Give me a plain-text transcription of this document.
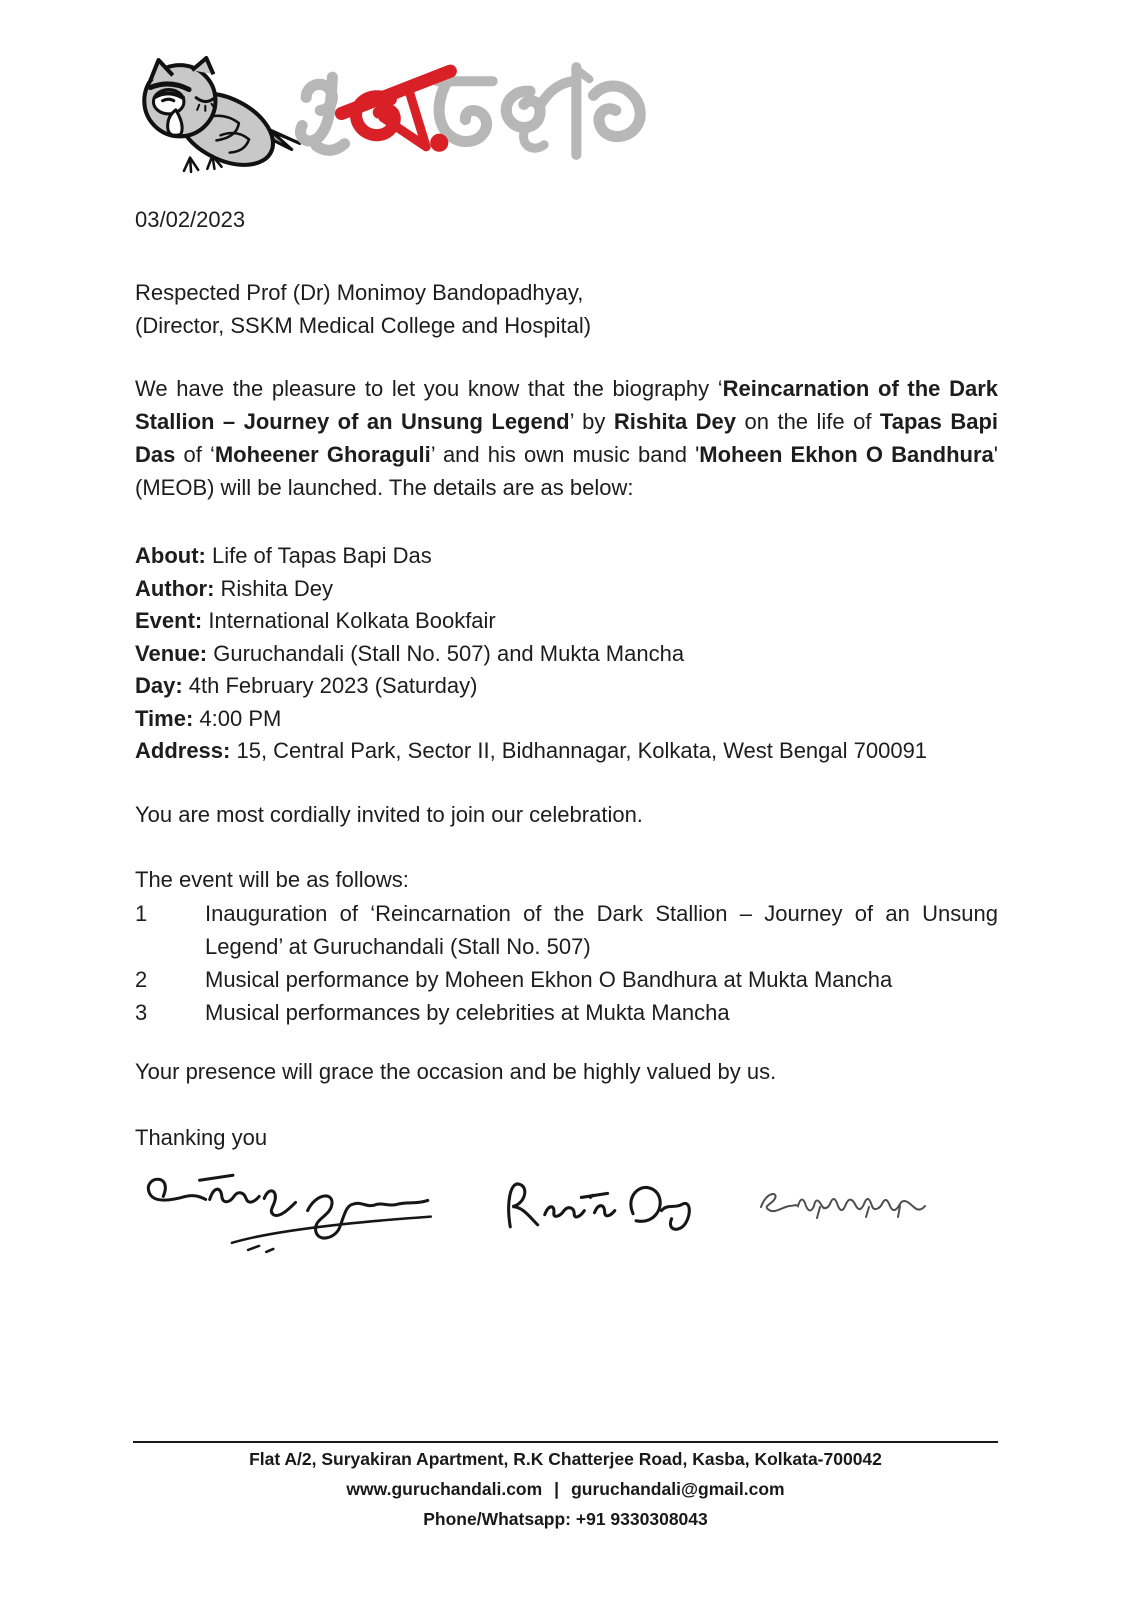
03/02/2023
Respected Prof (Dr) Monimoy Bandopadhyay,
(Director, SSKM Medical College and Hospital)

We have the pleasure to let you know that the biography ‘Reincarnation of the Dark Stallion – Journey of an Unsung Legend’ by Rishita Dey on the life of Tapas Bapi Das of ‘Moheener Ghoraguli’ and his own music band 'Moheen Ekhon O Bandhura' (MEOB) will be launched. The details are as below:

About: Life of Tapas Bapi Das
Author: Rishita Dey
Event: International Kolkata Bookfair
Venue: Guruchandali (Stall No. 507) and Mukta Mancha
Day: 4th February 2023 (Saturday)
Time: 4:00 PM
Address: 15, Central Park, Sector II, Bidhannagar, Kolkata, West Bengal 700091
You are most cordially invited to join our celebration.
The event will be as follows:
1	Inauguration of ‘Reincarnation of the Dark Stallion – Journey of an Unsung Legend’ at Guruchandali (Stall No. 507)
2	Musical performance by Moheen Ekhon O Bandhura at Mukta Mancha
3	Musical performances by celebrities at Mukta Mancha
Your presence will grace the occasion and be highly valued by us.
Thanking you
Flat A/2, Suryakiran Apartment, R.K Chatterjee Road, Kasba, Kolkata-700042
www.guruchandali.com | guruchandali@gmail.com
Phone/Whatsapp: +91 9330308043
